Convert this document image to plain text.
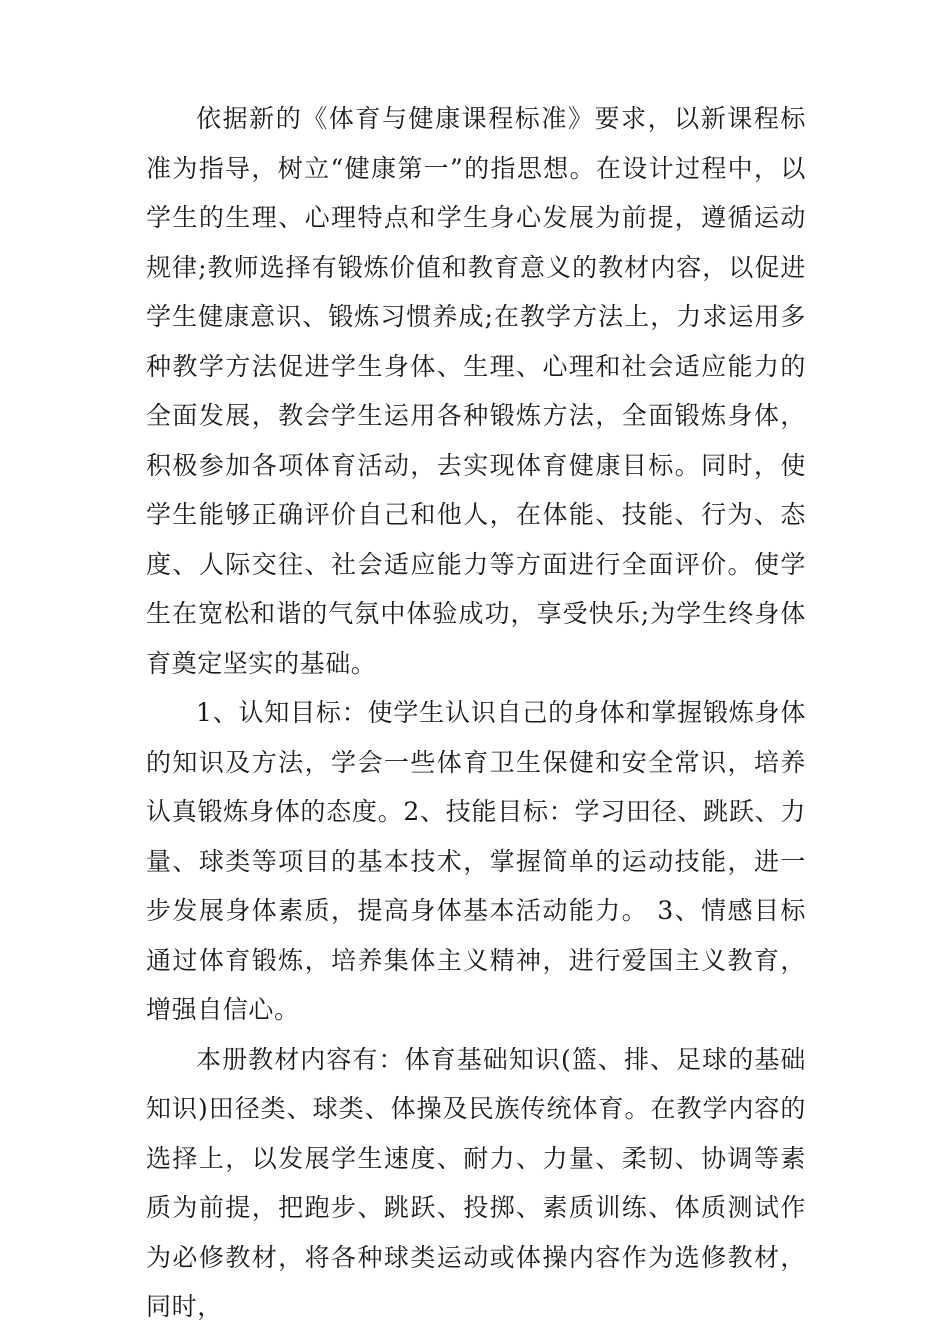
依据新的《体育与健康课程标准》要求，以新课程标准为指导，树立“健康第一”的指思想。在设计过程中，以学生的生理、心理特点和学生身心发展为前提，遵循运动规律;教师选择有锻炼价值和教育意义的教材内容，以促进学生健康意识、锻炼习惯养成;在教学方法上，力求运用多种教学方法促进学生身体、生理、心理和社会适应能力的全面发展，教会学生运用各种锻炼方法，全面锻炼身体，积极参加各项体育活动，去实现体育健康目标。同时，使学生能够正确评价自己和他人，在体能、技能、行为、态度、人际交往、社会适应能力等方面进行全面评价。使学生在宽松和谐的气氛中体验成功，享受快乐;为学生终身体育奠定坚实的基础。

1、认知目标：使学生认识自己的身体和掌握锻炼身体的知识及方法，学会一些体育卫生保健和安全常识，培养认真锻炼身体的态度。2、技能目标：学习田径、跳跃、力量、球类等项目的基本技术，掌握简单的运动技能，进一步发展身体素质，提高身体基本活动能力。 3、情感目标通过体育锻炼，培养集体主义精神，进行爱国主义教育，增强自信心。

本册教材内容有：体育基础知识(篮、排、足球的基础知识)田径类、球类、体操及民族传统体育。在教学内容的选择上，以发展学生速度、耐力、力量、柔韧、协调等素质为前提，把跑步、跳跃、投掷、素质训练、体质测试作为必修教材，将各种球类运动或体操内容作为选修教材，同时，
